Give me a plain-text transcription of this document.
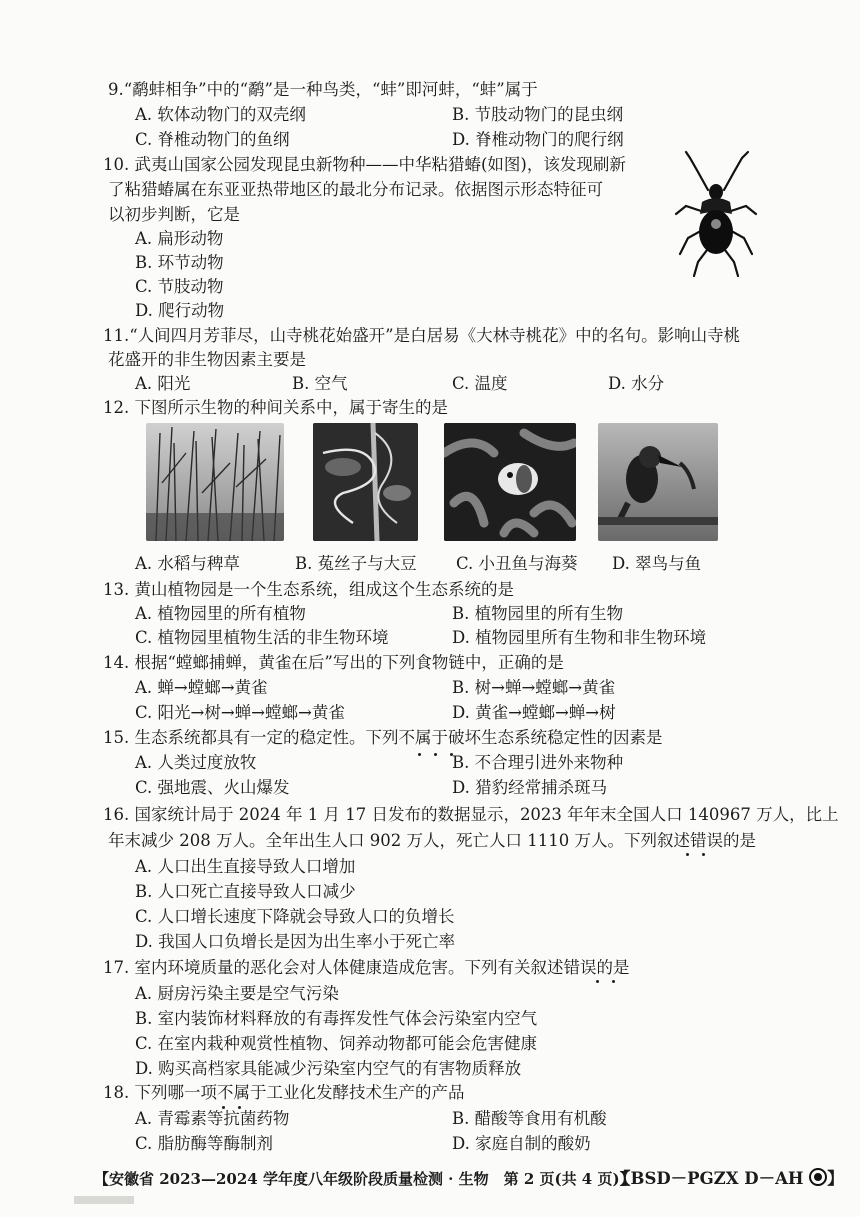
9.“鹬蚌相争”中的“鹬”是一种鸟类，“蚌”即河蚌，“蚌”属于
A. 软体动物门的双壳纲	B. 节肢动物门的昆虫纲
C. 脊椎动物门的鱼纲	D. 脊椎动物门的爬行纲
10. 武夷山国家公园发现昆虫新物种——中华粘猎蝽(如图)，该发现刷新
了粘猎蝽属在东亚亚热带地区的最北分布记录。依据图示形态特征可
以初步判断，它是
A. 扁形动物
B. 环节动物
C. 节肢动物
D. 爬行动物
11.“人间四月芳菲尽，山寺桃花始盛开”是白居易《大林寺桃花》中的名句。影响山寺桃
花盛开的非生物因素主要是
A. 阳光	B. 空气	C. 温度	D. 水分
12. 下图所示生物的种间关系中，属于寄生的是
A. 水稻与稗草	B. 菟丝子与大豆 C. 小丑鱼与海葵 D. 翠鸟与鱼
13. 黄山植物园是一个生态系统，组成这个生态系统的是
A. 植物园里的所有植物	B. 植物园里的所有生物
C. 植物园里植物生活的非生物环境	D. 植物园里所有生物和非生物环境
14. 根据“螳螂捕蝉，黄雀在后”写出的下列食物链中，正确的是
A. 蝉→螳螂→黄雀	B. 树→蝉→螳螂→黄雀
C. 阳光→树→蝉→螳螂→黄雀	D. 黄雀→螳螂→蝉→树
15. 生态系统都具有一定的稳定性。下列不属于破坏生态系统稳定性的因素是
A. 人类过度放牧	B. 不合理引进外来物种
C. 强地震、火山爆发	D. 猎豹经常捕杀斑马
16. 国家统计局于 2024 年 1 月 17 日发布的数据显示，2023 年年末全国人口 140967 万人，比上
年末减少 208 万人。全年出生人口 902 万人，死亡人口 1110 万人。下列叙述错误的是
A. 人口出生直接导致人口增加
B. 人口死亡直接导致人口减少
C. 人口增长速度下降就会导致人口的负增长
D. 我国人口负增长是因为出生率小于死亡率
17. 室内环境质量的恶化会对人体健康造成危害。下列有关叙述错误的是
A. 厨房污染主要是空气污染
B. 室内装饰材料释放的有毒挥发性气体会污染室内空气
C. 在室内栽种观赏性植物、饲养动物都可能会危害健康
D. 购买高档家具能减少污染室内空气的有害物质释放
18. 下列哪一项不属于工业化发酵技术生产的产品
A. 青霉素等抗菌药物	B. 醋酸等食用有机酸
C. 脂肪酶等酶制剂	D. 家庭自制的酸奶
【安徽省 2023—2024 学年度八年级阶段质量检测 · 生物　第 2 页(共 4 页)】
【BSD－PGZX D－AH ○】
